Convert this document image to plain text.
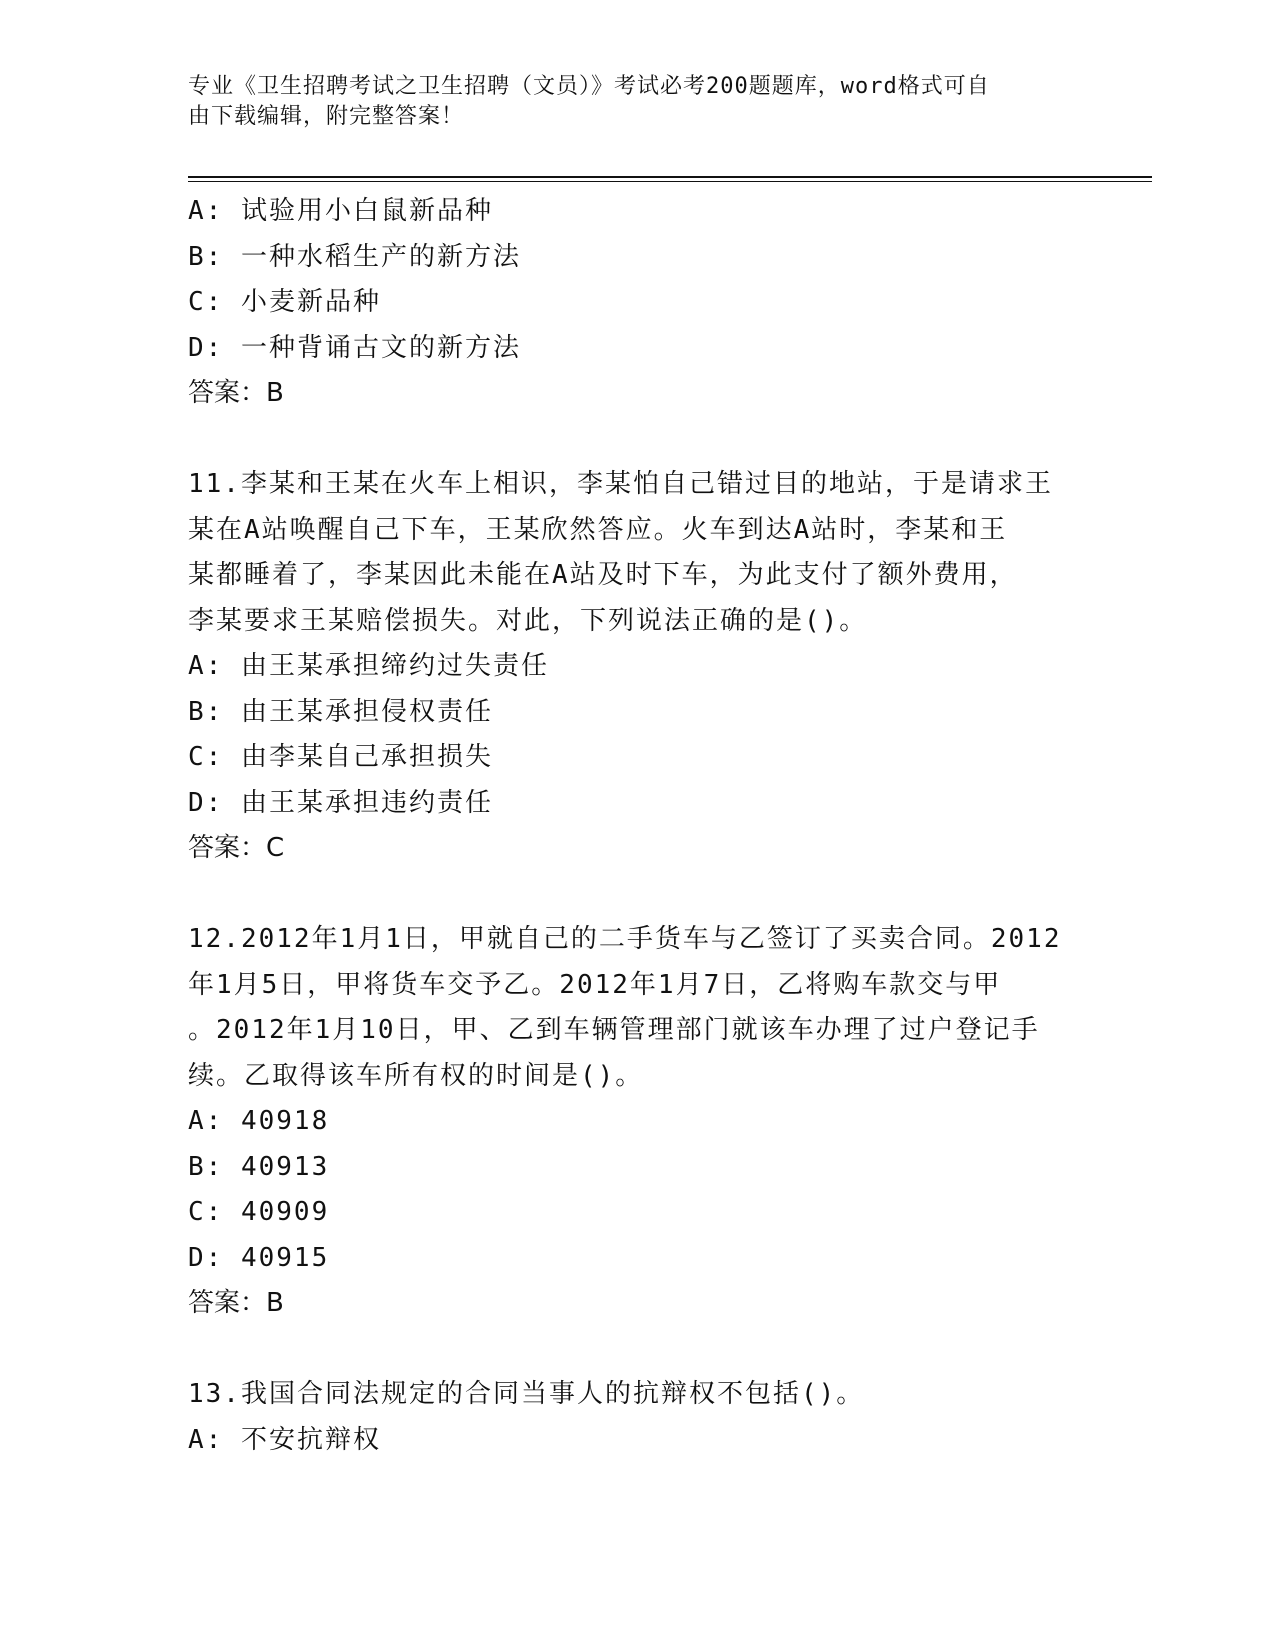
专业《卫生招聘考试之卫生招聘（文员）》考试必考200题题库，word格式可自
由下载编辑，附完整答案！
A: 试验用小白鼠新品种
B: 一种水稻生产的新方法
C: 小麦新品种
D: 一种背诵古文的新方法
答案：B
11.李某和王某在火车上相识，李某怕自己错过目的地站，于是请求王
某在A站唤醒自己下车，王某欣然答应。火车到达A站时，李某和王
某都睡着了，李某因此未能在A站及时下车，为此支付了额外费用，
李某要求王某赔偿损失。对此，下列说法正确的是()。
A: 由王某承担缔约过失责任
B: 由王某承担侵权责任
C: 由李某自己承担损失
D: 由王某承担违约责任
答案：C
12.2012年1月1日，甲就自己的二手货车与乙签订了买卖合同。2012
年1月5日，甲将货车交予乙。2012年1月7日，乙将购车款交与甲
。2012年1月10日，甲、乙到车辆管理部门就该车办理了过户登记手
续。乙取得该车所有权的时间是()。
A: 40918
B: 40913
C: 40909
D: 40915
答案：B
13.我国合同法规定的合同当事人的抗辩权不包括()。
A: 不安抗辩权
